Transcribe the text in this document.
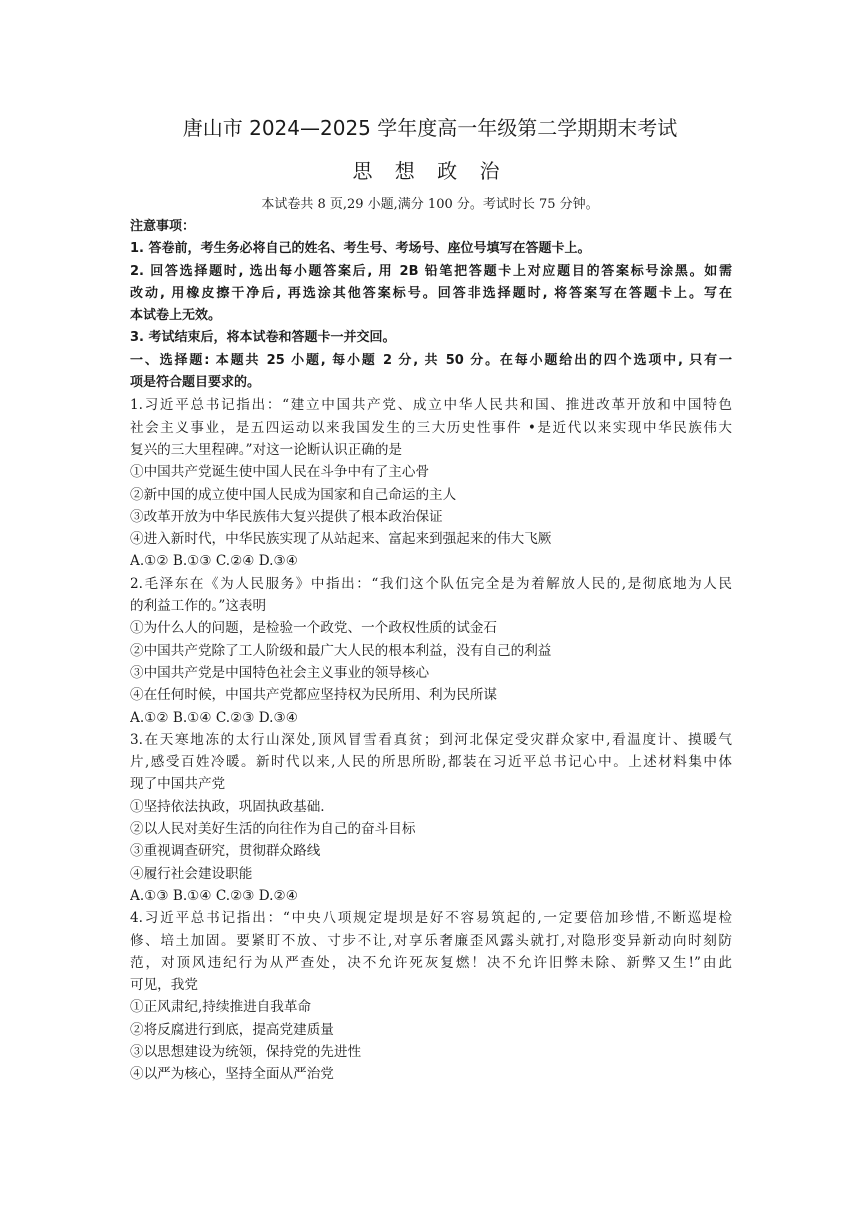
唐山市 2024—2025 学年度高一年级第二学期期末考试
思 想 政 治
本试卷共 8 页,29 小题,满分 100 分。考试时长 75 分钟。
注意事项：
1. 答卷前，考生务必将自己的姓名、考生号、考场号、座位号填写在答题卡上。
2. 回答选择题时, 选出每小题答案后, 用 2B 铅笔把答题卡上对应题目的答案标号涂黑。如需
改动, 用橡皮擦干净后, 再选涂其他答案标号。回答非选择题时, 将答案写在答题卡上。写在
本试卷上无效。
3. 考试结束后，将本试卷和答题卡一并交回。
一、选择题: 本题共 25 小题, 每小题 2 分, 共 50 分。在每小题给出的四个选项中, 只有一
项是符合题目要求的。
1.习近平总书记指出：“建立中国共产党、成立中华人民共和国、推进改革开放和中国特色
社会主义事业，是五四运动以来我国发生的三大历史性事件 •是近代以来实现中华民族伟大
复兴的三大里程碑。”对这一论断认识正确的是
①中国共产党诞生使中国人民在斗争中有了主心骨
②新中国的成立使中国人民成为国家和自己命运的主人
③改革开放为中华民族伟大复兴提供了根本政治保证
④进入新时代，中华民族实现了从站起来、富起来到强起来的伟大飞厥
A.①② B.①③ C.②④ D.③④
2.毛泽东在《为人民服务》中指出：“我们这个队伍完全是为着解放人民的,是彻底地为人民
的利益工作的。”这表明
①为什么人的问题，是检验一个政党、一个政权性质的试金石
②中国共产党除了工人阶级和最广大人民的根本利益，没有自己的利益
③中国共产党是中国特色社会主义事业的领导核心
④在任何时候，中国共产党都应坚持权为民所用、利为民所谋
A.①② B.①④ C.②③ D.③④
3.在天寒地冻的太行山深处,顶风冒雪看真贫；到河北保定受灾群众家中,看温度计、摸暖气
片,感受百姓冷暖。新时代以来,人民的所思所盼,都装在习近平总书记心中。上述材料集中体
现了中国共产党
①坚持依法执政，巩固执政基础.
②以人民对美好生活的向往作为自己的奋斗目标
③重视调查研究，贯彻群众路线
④履行社会建设职能
A.①③ B.①④ C.②③ D.②④
4.习近平总书记指出：“中央八项规定堤坝是好不容易筑起的,一定要倍加珍惜,不断巡堤检
修、培土加固。要紧盯不放、寸步不让,对享乐奢廉歪风露头就打,对隐形变异新动向时刻防
范，对顶风违纪行为从严查处，决不允许死灰复燃！决不允许旧弊未除、新弊又生!”由此
可见，我党
①正风肃纪,持续推进自我革命
②将反腐进行到底，提高党建质量
③以思想建设为统领，保持党的先进性
④以严为核心，坚持全面从严治党
